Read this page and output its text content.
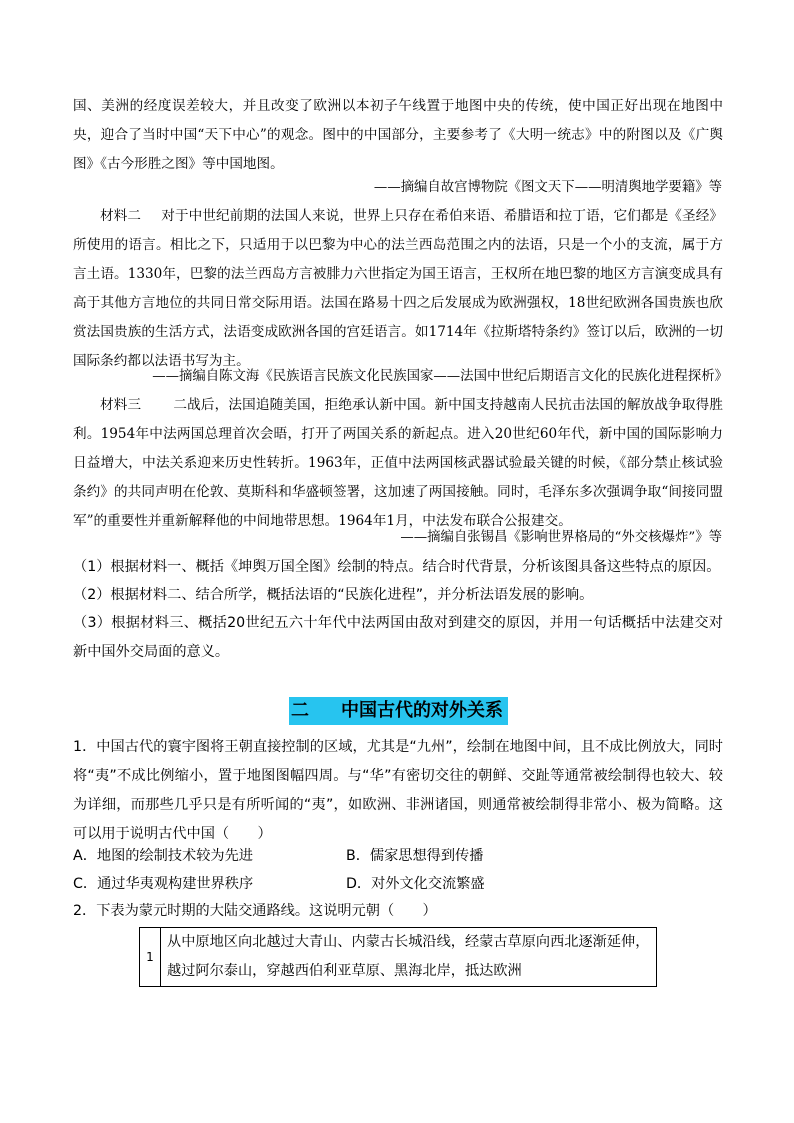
国、美洲的经度误差较大，并且改变了欧洲以本初子午线置于地图中央的传统，使中国正好出现在地图中央，迎合了当时中国“天下中心”的观念。图中的中国部分，主要参考了《大明一统志》中的附图以及《广舆图》《古今形胜之图》等中国地图。

——摘编自故宫博物院《图文天下——明清舆地学要籍》等

材料二 对于中世纪前期的法国人来说，世界上只存在希伯来语、希腊语和拉丁语，它们都是《圣经》所使用的语言。相比之下，只适用于以巴黎为中心的法兰西岛范围之内的法语，只是一个小的支流，属于方言土语。1330年，巴黎的法兰西岛方言被腓力六世指定为国王语言，王权所在地巴黎的地区方言演变成具有高于其他方言地位的共同日常交际用语。法国在路易十四之后发展成为欧洲强权，18世纪欧洲各国贵族也欣赏法国贵族的生活方式，法语变成欧洲各国的宫廷语言。如1714年《拉斯塔特条约》签订以后，欧洲的一切国际条约都以法语书写为主。

——摘编自陈文海《民族语言民族文化民族国家——法国中世纪后期语言文化的民族化进程探析》

材料三 二战后，法国追随美国，拒绝承认新中国。新中国支持越南人民抗击法国的解放战争取得胜利。1954年中法两国总理首次会晤，打开了两国关系的新起点。进入20世纪60年代，新中国的国际影响力日益增大，中法关系迎来历史性转折。1963年，正值中法两国核武器试验最关键的时候，《部分禁止核试验条约》的共同声明在伦敦、莫斯科和华盛顿签署，这加速了两国接触。同时，毛泽东多次强调争取“间接同盟军”的重要性并重新解释他的中间地带思想。1964年1月，中法发布联合公报建交。

——摘编自张锡昌《影响世界格局的“外交核爆炸”》等
（1）根据材料一、概括《坤舆万国全图》绘制的特点。结合时代背景，分析该图具备这些特点的原因。
（2）根据材料二、结合所学，概括法语的“民族化进程”，并分析法语发展的影响。

（3）根据材料三、概括20世纪五六十年代中法两国由敌对到建交的原因，并用一句话概括中法建交对新中国外交局面的意义。

二 中国古代的对外关系

1．中国古代的寰宇图将王朝直接控制的区域，尤其是“九州”，绘制在地图中间，且不成比例放大，同时将“夷”不成比例缩小，置于地图图幅四周。与“华”有密切交往的朝鲜、交趾等通常被绘制得也较大、较为详细，而那些几乎只是有所听闻的“夷”，如欧洲、非洲诸国，则通常被绘制得非常小、极为简略。这可以用于说明古代中国（　　）

A．地图的绘制技术较为先进	B．儒家思想得到传播
C．通过华夷观构建世界秩序	D．对外文化交流繁盛
2．下表为蒙元时期的大陆交通路线。这说明元朝（　　）
1	从中原地区向北越过大青山、内蒙古长城沿线，经蒙古草原向西北逐渐延伸，越过阿尔泰山，穿越西伯利亚草原、黑海北岸，抵达欧洲
